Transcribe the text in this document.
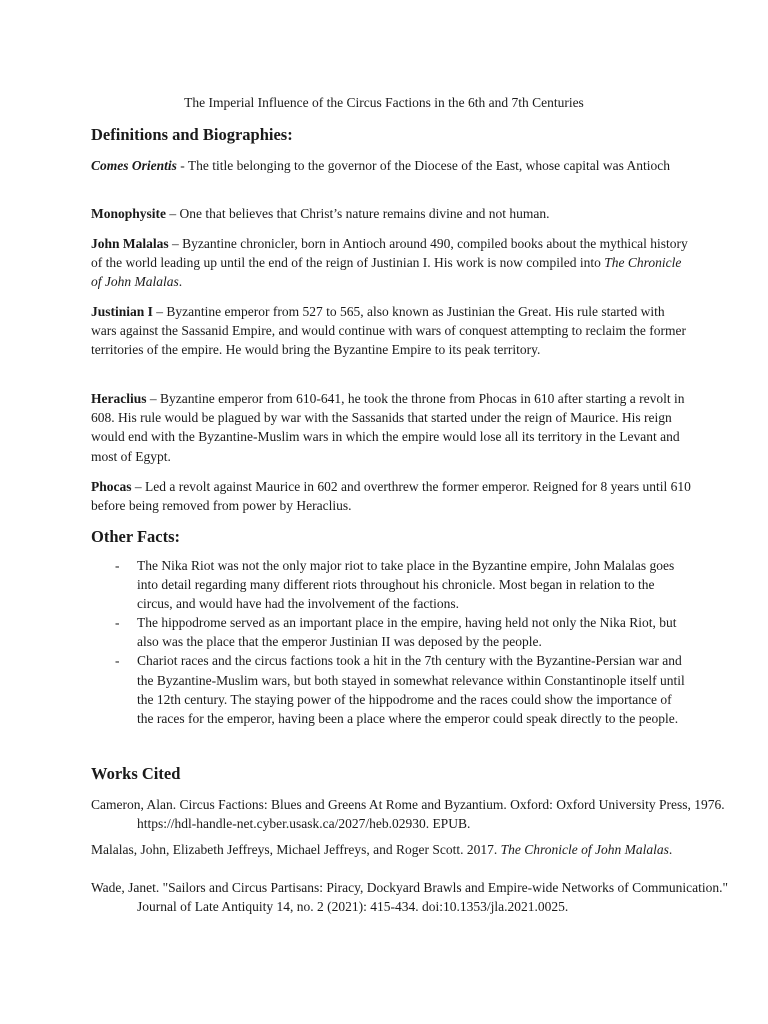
The Imperial Influence of the Circus Factions in the 6th and 7th Centuries
Definitions and Biographies:

Comes Orientis - The title belonging to the governor of the Diocese of the East, whose capital was Antioch

Monophysite – One that believes that Christ’s nature remains divine and not human.

John Malalas – Byzantine chronicler, born in Antioch around 490, compiled books about the mythical history of the world leading up until the end of the reign of Justinian I. His work is now compiled into The Chronicle of John Malalas.

Justinian I – Byzantine emperor from 527 to 565, also known as Justinian the Great. His rule started with wars against the Sassanid Empire, and would continue with wars of conquest attempting to reclaim the former territories of the empire. He would bring the Byzantine Empire to its peak territory.

Heraclius – Byzantine emperor from 610-641, he took the throne from Phocas in 610 after starting a revolt in 608. His rule would be plagued by war with the Sassanids that started under the reign of Maurice. His reign would end with the Byzantine-Muslim wars in which the empire would lose all its territory in the Levant and most of Egypt.

Phocas – Led a revolt against Maurice in 602 and overthrew the former emperor. Reigned for 8 years until 610 before being removed from power by Heraclius.

Other Facts:
- The Nika Riot was not the only major riot to take place in the Byzantine empire, John Malalas goes into detail regarding many different riots throughout his chronicle. Most began in relation to the circus, and would have had the involvement of the factions.
- The hippodrome served as an important place in the empire, having held not only the Nika Riot, but also was the place that the emperor Justinian II was deposed by the people.
- Chariot races and the circus factions took a hit in the 7th century with the Byzantine-Persian war and the Byzantine-Muslim wars, but both stayed in somewhat relevance within Constantinople itself until the 12th century. The staying power of the hippodrome and the races could show the importance of the races for the emperor, having been a place where the emperor could speak directly to the people.
Works Cited

Cameron, Alan. Circus Factions: Blues and Greens At Rome and Byzantium. Oxford: Oxford University Press, 1976. https://hdl-handle-net.cyber.usask.ca/2027/heb.02930. EPUB.

Malalas, John, Elizabeth Jeffreys, Michael Jeffreys, and Roger Scott. 2017. The Chronicle of John Malalas.

Wade, Janet. "Sailors and Circus Partisans: Piracy, Dockyard Brawls and Empire-wide Networks of Communication." Journal of Late Antiquity 14, no. 2 (2021): 415-434. doi:10.1353/jla.2021.0025.
